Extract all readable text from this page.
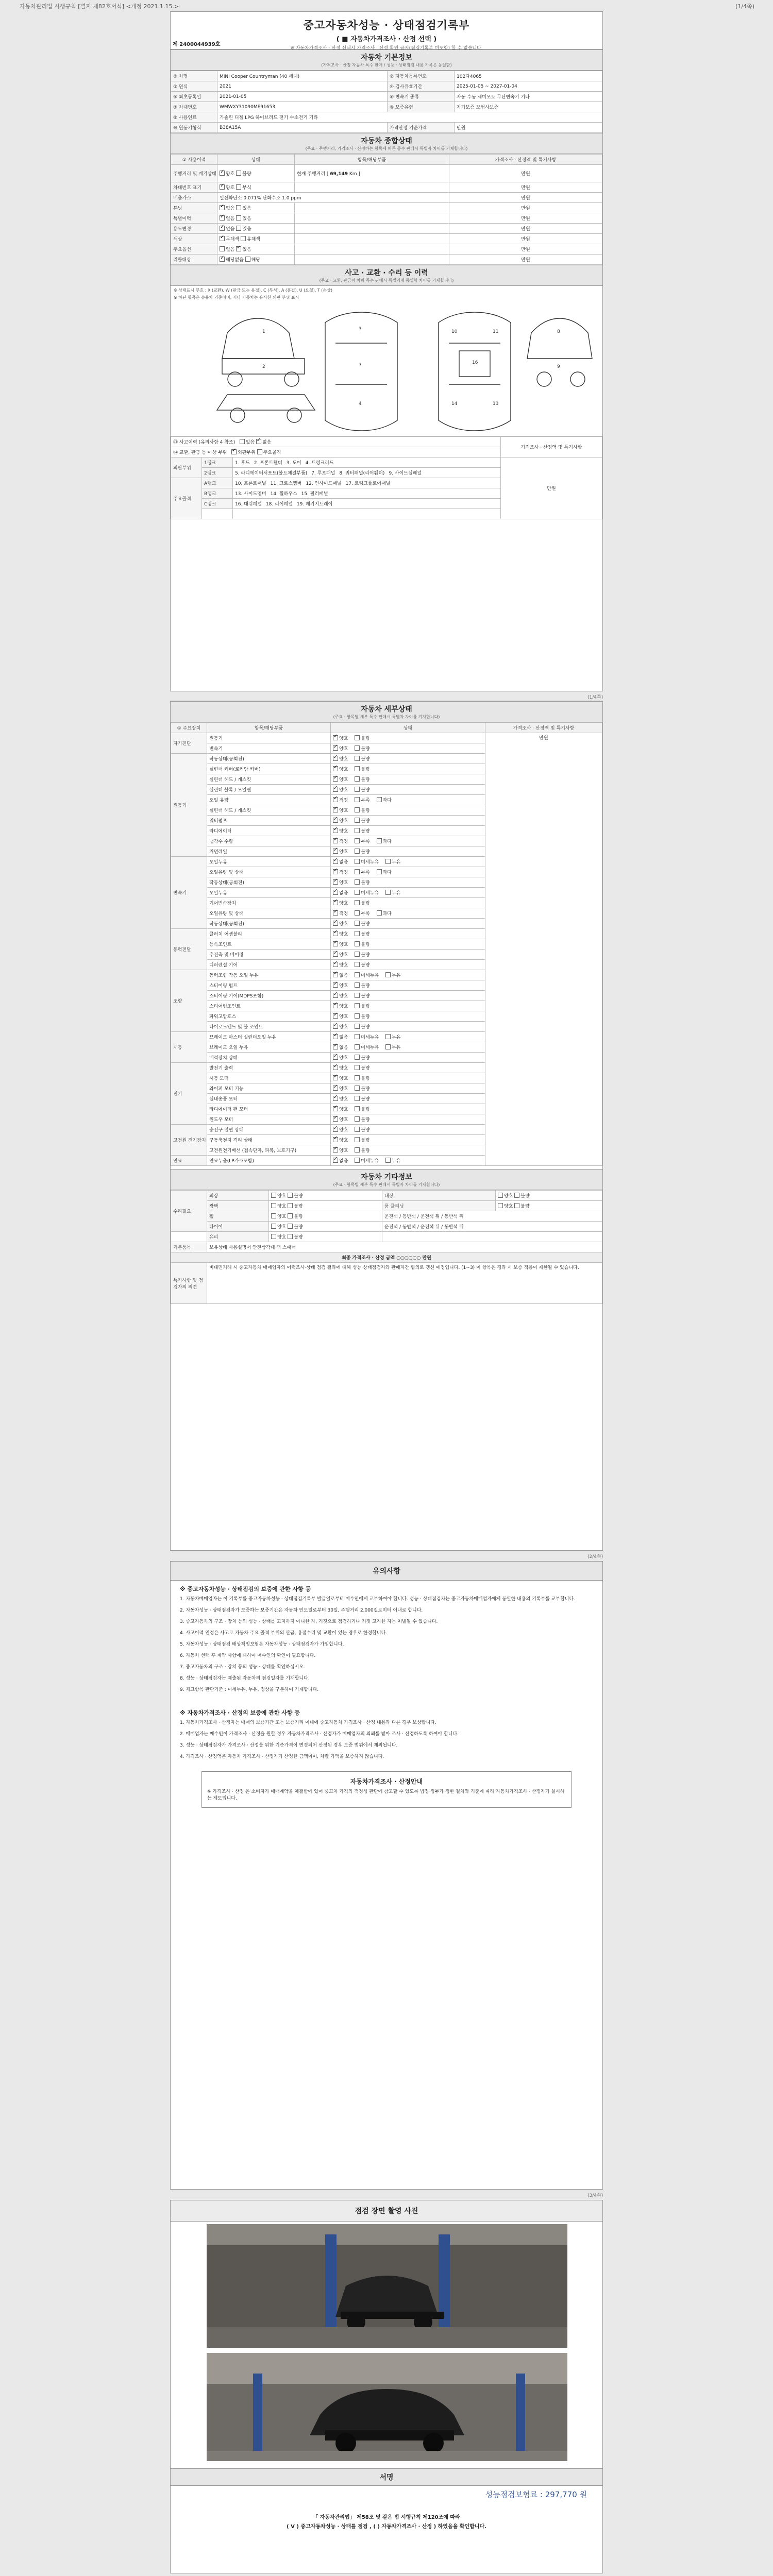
자동차관리법 시행규칙 [별지 제82호서식] <개정 2021.1.15.>	(1/4쪽)
중고자동차성능 · 상태점검기록부
( ■ 자동차가격조사 · 산정 선택 )
※ 자동차가격조사 · 산정 선택시 가격조사 · 산정 확인 금지(점검기록부 미포함) 할 수 없습니다.
제 2400044939호
자동차 기본정보
(가격조사 · 산정 자동차 특수 판매 / 성능 · 상태점검 내용 기록은 동일함)
① 차명	MINI Cooper Countryman (40 세대)	② 자동차등록번호	102다4065
③ 연식	2021	④ 검사유효기간	2025-01-05 ~ 2027-01-04
⑤ 최초등록일	2021-01-05	⑥ 변속기 종류	자동 수동 세미오토 무단변속기 기타
⑦ 차대번호	WMWXY31090ME91653	⑧ 보증유형	자가보증 보험사보증
⑨ 사용연료	가솔린 디젤 LPG 하이브리드 전기 수소전기 기타		
⑩ 원동기형식	B38A15A	가격산정 기준가격	만원
자동차 종합상태
(주요 · 주행거리, 가격조사 · 산정하는 항목에 따른 동수 판매시 특별자 차이를 기재합니다)
① 사용이력	상태	항목/해당부품	가격조사 · 산정액 및 특기사항
주행거리 및 계기상태	✓양호 불량	현재 주행거리 [ 69,149 Km ]	만원
차대번호 표기	✓양호 부식		만원
배출가스	일산화탄소 0.071% 탄화수소 1.0 ppm		만원
튜닝	✓없음 있음		만원
특별이력	✓없음 있음		만원
용도변경	✓없음 있음		만원
색상	✓무채색 유채색		만원
주요옵션	없음 ✓있음		만원
리콜대상	✓해당없음 해당		만원
사고 · 교환 · 수리 등 이력
(주요 · 교환, 판금이 차량 특수 판매시 특별기재 동일함 차이를 기재합니다)
※ 상태표시 부호 : X (교환), W (판금 또는 용접), C (부식), A (흠집), U (요철), T (손상)
※ 하단 항목은 승용차 기준이며, 기타 자동차는 유사한 외판 부위 표시
1
2
3
7
4
16
10	11
14	13
8
9
⑬ 사고이력 (유의사항 4 참조) 있음 ✓ 없음			가격조사 · 산정액 및 특기사항
⑭ 교환, 판금 등 이상 부위 ✓ 외판부위 주요골격
외판부위	1랭크	1. 후드 2. 프론트휀더 3. 도어 4. 트렁크리드	만원
	2랭크	5. 라디에이터서포트(볼트체결부품) 7. 루프패널 8. 쿼터패널(리어휀더) 9. 사이드실패널	
주요골격	A랭크	10. 프론트패널 11. 크로스멤버 12. 인사이드패널 17. 트렁크플로어패널	
	B랭크	13. 사이드멤버 14. 휠하우스 15. 필러패널	
	C랭크	16. 대쉬패널 18. 리어패널 19. 패키지트레이	

(1/4쪽)
자동차 세부상태
(주요 · 항목별 세부 특수 판매시 특별자 차이를 기재합니다)
① 주요장치	항목/해당부품	상태	가격조사 · 산정액 및 특기사항
자기진단	원동기	✓양호 불량	만원
	변속기	✓양호 불량
원동기	작동상태(공회전)	✓양호 불량
	실린더 커버(로커암 커버)	✓양호 불량
	실린더 헤드 / 개스킷	✓양호 불량
	실린더 블록 / 오일팬	✓양호 불량
	오일 유량	✓적정 부족 과다
	실린더 헤드 / 개스킷	✓양호 불량
	워터펌프	✓양호 불량
	라디에이터	✓양호 불량
	냉각수 수량	✓적정 부족 과다
	커먼레일	✓양호 불량
변속기	오일누유	✓없음 미세누유 누유
	오일유량 및 상태	✓적정 부족 과다
	작동상태(공회전)	✓양호 불량
	오일누유	✓없음 미세누유 누유
	기어변속장치	✓양호 불량
	오일유량 및 상태	✓적정 부족 과다
	작동상태(공회전)	✓양호 불량
동력전달	클러치 어셈블리	✓양호 불량
	등속조인트	✓양호 불량
	추진축 및 베어링	✓양호 불량
	디퍼렌셜 기어	✓양호 불량
조향	동력조향 작동 오일 누유	✓없음 미세누유 누유
	스티어링 펌프	✓양호 불량
	스티어링 기어(MDPS포함)	✓양호 불량
	스티어링조인트	✓양호 불량
	파워고압호스	✓양호 불량
	타이로드엔드 및 볼 조인트	✓양호 불량
제동	브레이크 마스터 실린더오일 누유	✓없음 미세누유 누유
	브레이크 오일 누유	✓없음 미세누유 누유
	배력장치 상태	✓양호 불량
전기	발전기 출력	✓양호 불량
	시동 모터	✓양호 불량
	와이퍼 모터 기능	✓양호 불량
	실내송풍 모터	✓양호 불량
	라디에이터 팬 모터	✓양호 불량
	윈도우 모터	✓양호 불량
고전원 전기장치	충전구 절연 상태	✓양호 불량
	구동축전지 격리 상태	✓양호 불량
	고전원전기배선 (접속단자, 피복, 보호기구)	✓양호 불량
연료	연료누출(LP가스포함)	✓없음 미세누유 누유
자동차 기타정보
(주요 · 항목별 세부 특수 판매시 특별자 차이를 기재합니다)
수리필요	외장	양호 불량	내장	양호 불량
	광택	양호 불량	룸 클리닝	양호 불량
	휠	양호 불량	운전석 / 동반석 / 운전석 뒤 / 동반석 뒤	
	타이어	양호 불량	운전석 / 동반석 / 운전석 뒤 / 동반석 뒤	
	유리	양호 불량		
기본품목	보유상태 사용설명서 안전삼각대 잭 스패너			
최종 가격조사 · 산정 금액 ○○○○○○ 만원				
특기사항 및 점검자의 의견	비대면거래 시 중고자동차 매매업자의 이력조사·상태 점검 결과에 대해 성능·상태점검자와 판매자간 협의로 갱신 예정입니다. (1~3) 이 항목은 경과 시 보증 적용이 제한될 수 있습니다.			
(2/4쪽)
유의사항
※ 중고자동차성능 · 상태점검의 보증에 관한 사항 등
1. 자동차매매업자는 이 기록부를 중고자동차성능 · 상태점검기록부 발급일로부터 매수인에게 교부하여야 합니다. 성능 · 상태점검자는 중고자동차매매업자에게 동일한 내용의 기록부를 교부합니다.
2. 자동차성능 · 상태점검자가 보증하는 보증기간은 자동차 인도일로부터 30일, 주행거리 2,000킬로미터 이내로 합니다.
3. 중고자동차의 구조 · 장치 등의 성능 · 상태를 고지하지 아니한 자, 거짓으로 점검하거나 거짓 고지한 자는 처벌될 수 있습니다.
4. 사고이력 인정은 사고로 자동차 주요 골격 부위의 판금, 용접수리 및 교환이 있는 경우로 한정합니다.
5. 자동차성능 · 상태점검 배상책임보험은 자동차성능 · 상태점검자가 가입합니다.
6. 자동차 선택 후 계약 사항에 대하여 매수인의 확인이 필요합니다.
7. 중고자동차의 구조 · 장치 등의 성능 · 상태를 확인하십시오.
8. 성능 · 상태점검자는 제출된 자동차의 점검일자를 기재합니다.
9. 체크항목 판단기준 : 미세누유, 누유, 정상을 구분하여 기재합니다.
※ 자동차가격조사 · 산정의 보증에 관한 사항 등
1. 자동차가격조사 · 산정자는 매매의 보증기간 또는 보증거리 이내에 중고자동차 가격조사 · 산정 내용과 다른 경우 보상합니다.
2. 매매업자는 매수인이 가격조사 · 산정을 원할 경우 자동차가격조사 · 산정자가 매매업자의 의뢰를 받아 조사 · 산정하도록 하여야 합니다.
3. 성능 · 상태점검자가 가격조사 · 산정을 위한 기준가격이 변경되어 산정된 경우 보증 범위에서 제외됩니다.
4. 가격조사 · 산정액은 자동차 가격조사 · 산정자가 산정한 금액이며, 차량 가액을 보증하지 않습니다.
자동차가격조사 · 산정안내
※ 가격조사 · 산정 은 소비자가 매매계약을 체결함에 있어 중고차 가격의 적정성 판단에 참고할 수 있도록 법정 정부가 정한 절차와 기준에 따라 자동차가격조사 · 산정자가 실시하는 제도입니다.
(3/4쪽)
점검 장면 촬영 사진
서명
성능점검보험료 : 297,770 원
「 자동차관리법」 제58조 및 같은 법 시행규칙 제120조에 따라
( V ) 중고자동차성능 · 상태를 점검 , ( ) 자동차가격조사 · 산정 ) 하였음을 확인합니다.
